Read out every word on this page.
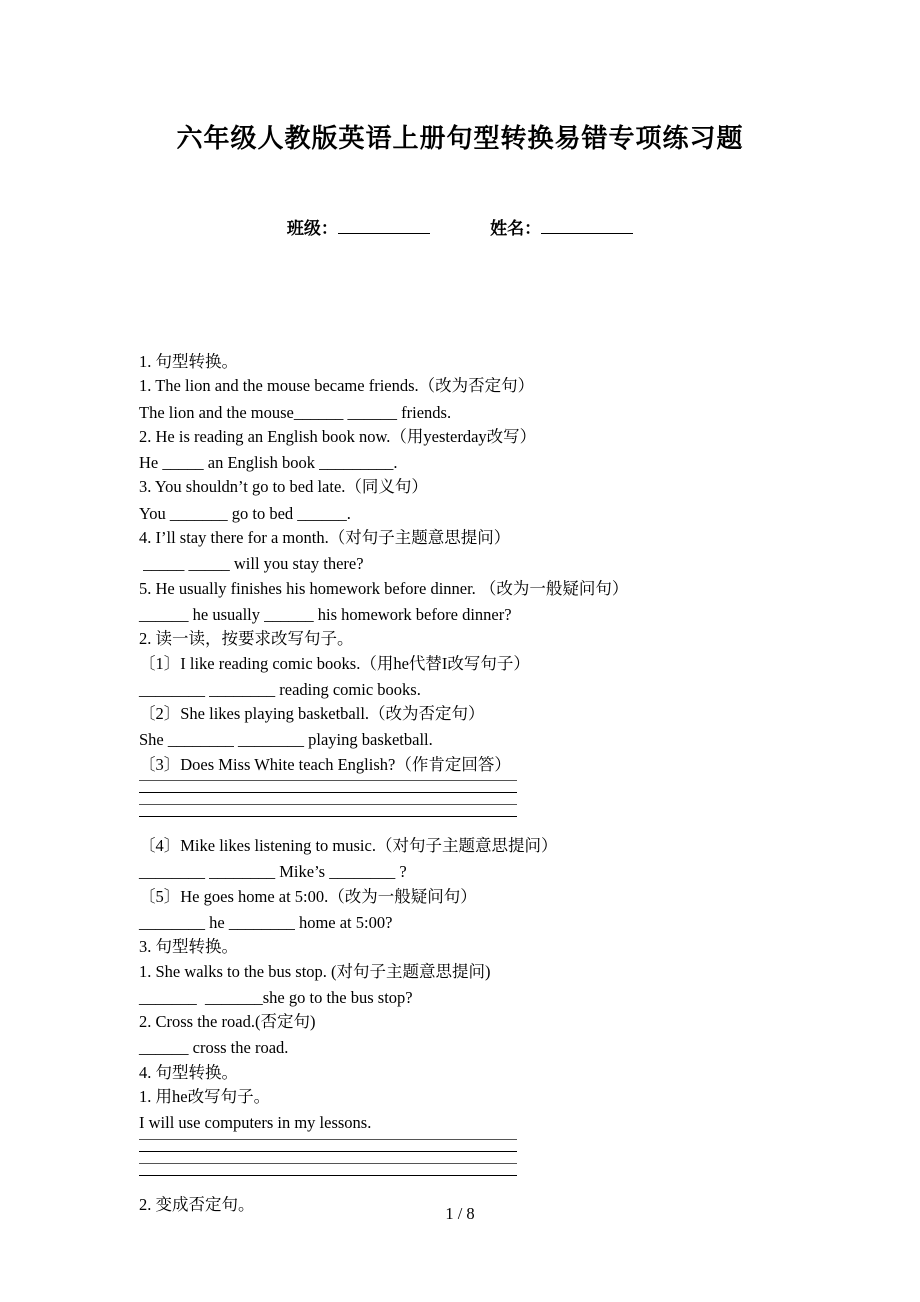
六年级人教版英语上册句型转换易错专项练习题
班级：	姓名：
1. 句型转换。
1. The lion and the mouse became friends.（改为否定句）
The lion and the mouse______ ______ friends.
2. He is reading an English book now.（用yesterday改写）
He _____ an English book _________.
3. You shouldn’t go to bed late.（同义句）
You _______ go to bed ______.
4. I’ll stay there for a month.（对句子主题意思提问）
_____ _____ will you stay there?
5. He usually finishes his homework before dinner. （改为一般疑问句）
______ he usually ______ his homework before dinner?
2. 读一读，按要求改写句子。
〔1〕I like reading comic books.（用he代替I改写句子）
________ ________ reading comic books.
〔2〕She likes playing basketball.（改为否定句）
She ________ ________ playing basketball.
〔3〕Does Miss White teach English?（作肯定回答）
〔4〕Mike likes listening to music.（对句子主题意思提问）
________ ________ Mike’s ________ ?
〔5〕He goes home at 5:00.（改为一般疑问句）
________ he ________ home at 5:00?
3. 句型转换。
1. She walks to the bus stop. (对句子主题意思提问)
_______  _______she go to the bus stop?
2. Cross the road.(否定句)
______ cross the road.
4. 句型转换。
1. 用he改写句子。
I will use computers in my lessons.
2. 变成否定句。	1 / 8
